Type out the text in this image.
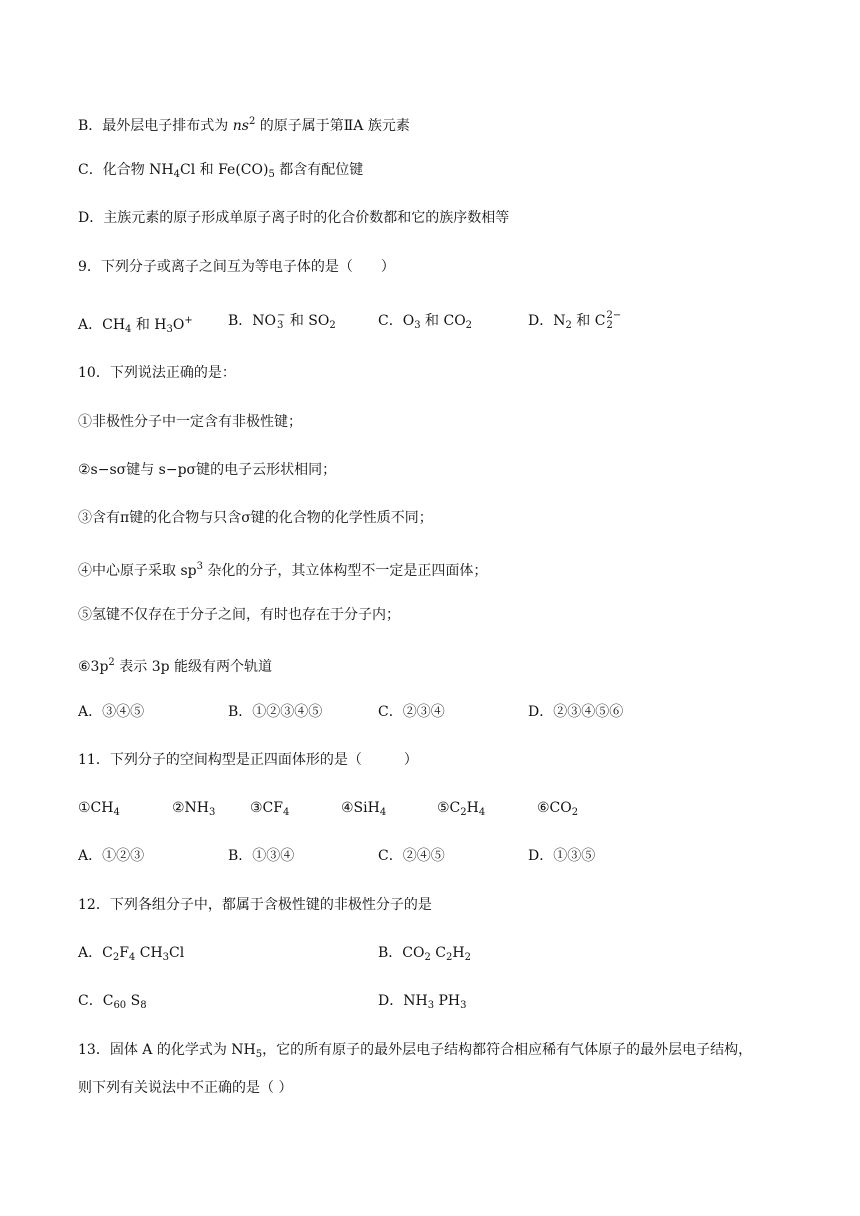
B．最外层电子排布式为 $ns^2$ 的原子属于第ⅡA 族元素
C．化合物 $NH_4Cl$ 和 $Fe(CO)_5$ 都含有配位键
D．主族元素的原子形成单原子离子时的化合价数都和它的族序数相等
9．下列分子或离子之间互为等电子体的是（　　）
A．$CH_4$ 和 $H_3O^+$	B．NO −
3 和 $SO_2$	C．$O_3$ 和 $CO_2$	D．$N_2$ 和 C 2−
2
10．下列说法正确的是：
①非极性分子中一定含有非极性键；
②s−sσ键与 s−pσ键的电子云形状相同；
③含有π键的化合物与只含σ键的化合物的化学性质不同；
④中心原子采取 $sp^3$ 杂化的分子，其立体构型不一定是正四面体；
⑤氢键不仅存在于分子之间，有时也存在于分子内；
$⑥3p^2$ 表示 3p 能级有两个轨道
A．③④⑤	B．①②③④⑤	C．②③④	D．②③④⑤⑥
11．下列分子的空间构型是正四面体形的是（　　　）
$①CH_4$	$②NH_3$ $③CF_4$	④SiH$_4$	$⑤C_2H_4$	$⑥CO_2$
A．①②③	B．①③④	C．②④⑤	D．①③⑤
12．下列各组分子中，都属于含极性键的非极性分子的是
A．$C_2F_4$ $CH_3Cl$	B．$CO_2$ $C_2H_2$
C．$C_{60}$ $S_8$	D．$NH_3$ $PH_3$
13．固体 A 的化学式为 $NH_5$，它的所有原子的最外层电子结构都符合相应稀有气体原子的最外层电子结构，
则下列有关说法中不正确的是（ ）
